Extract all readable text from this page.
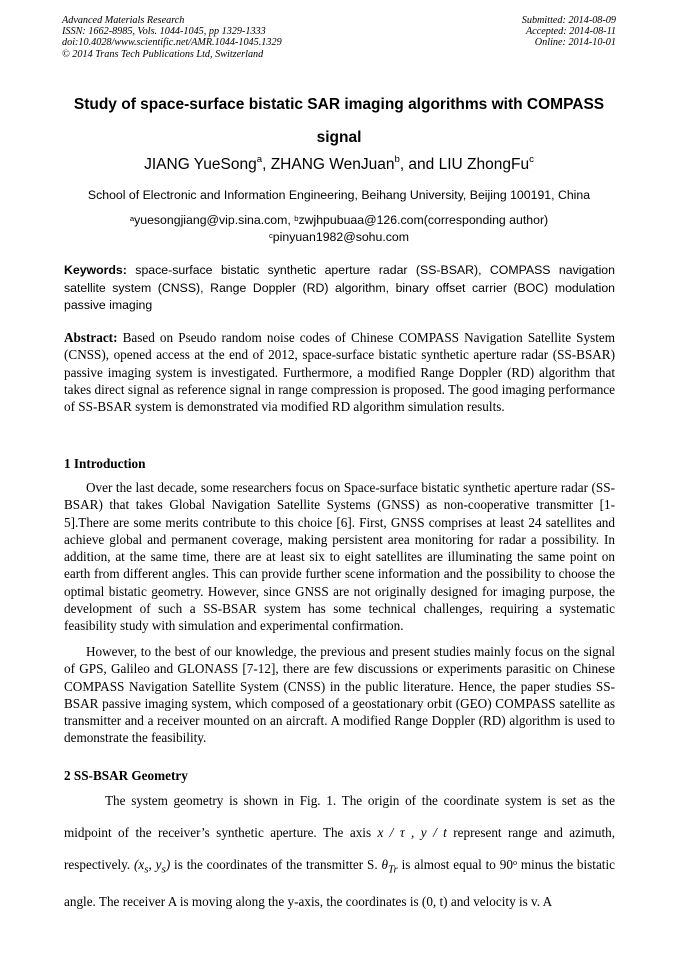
Advanced Materials Research
ISSN: 1662-8985, Vols. 1044-1045, pp 1329-1333
doi:10.4028/www.scientific.net/AMR.1044-1045.1329
© 2014 Trans Tech Publications Ltd, Switzerland
Submitted: 2014-08-09
Accepted: 2014-08-11
Online: 2014-10-01
Study of space-surface bistatic SAR imaging algorithms with COMPASS
signal
JIANG YueSong$^a$, ZHANG WenJuan$^b$, and LIU ZhongFu$^c$
School of Electronic and Information Engineering, Beihang University, Beijing 100191, China
$^a$yuesongjiang@vip.sina.com, $^b$zwjhpubuaa@126.com(corresponding author)
$^c$pinyuan1982@sohu.com
Keywords: space-surface bistatic synthetic aperture radar (SS-BSAR), COMPASS navigation satellite system (CNSS), Range Doppler (RD) algorithm, binary offset carrier (BOC) modulation passive imaging
Abstract: Based on Pseudo random noise codes of Chinese COMPASS Navigation Satellite System (CNSS), opened access at the end of 2012, space-surface bistatic synthetic aperture radar (SS-BSAR) passive imaging system is investigated. Furthermore, a modified Range Doppler (RD) algorithm that takes direct signal as reference signal in range compression is proposed. The good imaging performance of SS-BSAR system is demonstrated via modified RD algorithm simulation results.
1 Introduction
Over the last decade, some researchers focus on Space-surface bistatic synthetic aperture radar (SS-BSAR) that takes Global Navigation Satellite Systems (GNSS) as non-cooperative transmitter [1-5].There are some merits contribute to this choice [6]. First, GNSS comprises at least 24 satellites and achieve global and permanent coverage, making persistent area monitoring for radar a possibility. In addition, at the same time, there are at least six to eight satellites are illuminating the same point on earth from different angles. This can provide further scene information and the possibility to choose the optimal bistatic geometry. However, since GNSS are not originally designed for imaging purpose, the development of such a SS-BSAR system has some technical challenges, requiring a systematic feasibility study with simulation and experimental confirmation.
However, to the best of our knowledge, the previous and present studies mainly focus on the signal of GPS, Galileo and GLONASS [7-12], there are few discussions or experiments parasitic on Chinese COMPASS Navigation Satellite System (CNSS) in the public literature. Hence, the paper studies SS-BSAR passive imaging system, which composed of a geostationary orbit (GEO) COMPASS satellite as transmitter and a receiver mounted on an aircraft. A modified Range Doppler (RD) algorithm is used to demonstrate the feasibility.
2 SS-BSAR Geometry
The system geometry is shown in Fig. 1. The origin of the coordinate system is set as the midpoint of the receiver’s synthetic aperture. The axis x / τ , y / t represent range and azimuth, respectively. ($x_s$, $y_s$) is the coordinates of the transmitter S. $\theta_{Tr}$ is almost equal to 90$^o$ minus the bistatic angle. The receiver A is moving along the y-axis, the coordinates is (0, t) and velocity is v. A
